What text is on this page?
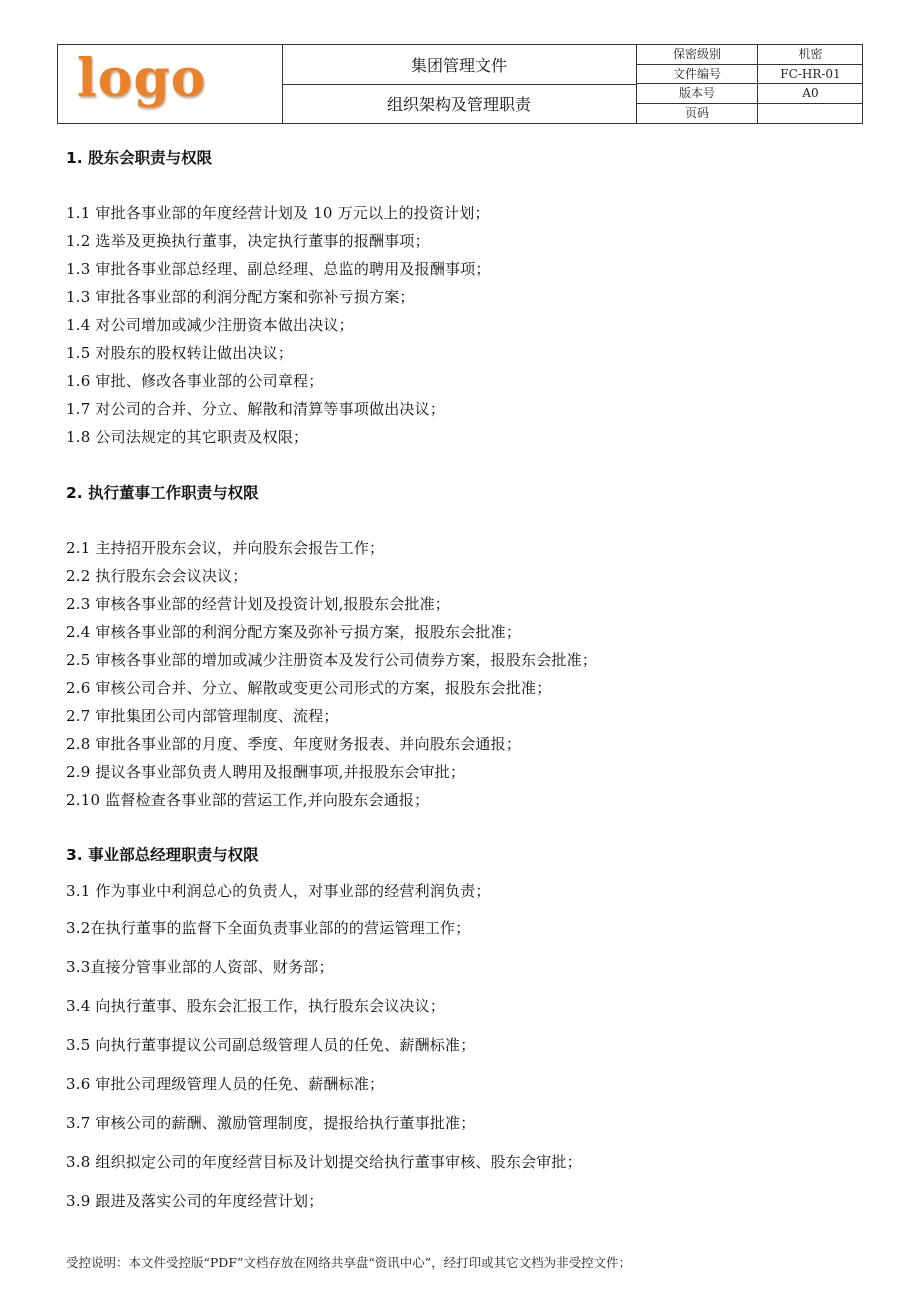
logo	集团管理文件
组织架构及管理职责
保密级别	机密
文件编号	FC-HR-01
版本号	A0
页码
1. 股东会职责与权限
1.1 审批各事业部的年度经营计划及 10 万元以上的投资计划；
1.2 选举及更换执行董事，决定执行董事的报酬事项；
1.3 审批各事业部总经理、副总经理、总监的聘用及报酬事项；
1.3 审批各事业部的利润分配方案和弥补亏损方案；
1.4 对公司增加或减少注册资本做出决议；
1.5 对股东的股权转让做出决议；
1.6 审批、修改各事业部的公司章程；
1.7 对公司的合并、分立、解散和清算等事项做出决议；
1.8 公司法规定的其它职责及权限；
2. 执行董事工作职责与权限
2.1 主持招开股东会议，并向股东会报告工作；
2.2 执行股东会会议决议；
2.3 审核各事业部的经营计划及投资计划,报股东会批准；
2.4 审核各事业部的利润分配方案及弥补亏损方案，报股东会批准；
2.5 审核各事业部的增加或减少注册资本及发行公司债券方案，报股东会批准；
2.6 审核公司合并、分立、解散或变更公司形式的方案，报股东会批准；
2.7 审批集团公司内部管理制度、流程；
2.8 审批各事业部的月度、季度、年度财务报表、并向股东会通报；
2.9 提议各事业部负责人聘用及报酬事项,并报股东会审批；
2.10 监督检查各事业部的营运工作,并向股东会通报；
3. 事业部总经理职责与权限
3.1 作为事业中利润总心的负责人，对事业部的经营利润负责；
3.2在执行董事的监督下全面负责事业部的的营运管理工作；
3.3直接分管事业部的人资部、财务部；
3.4 向执行董事、股东会汇报工作，执行股东会议决议；
3.5 向执行董事提议公司副总级管理人员的任免、薪酬标准；
3.6 审批公司理级管理人员的任免、薪酬标准；
3.7 审核公司的薪酬、激励管理制度，提报给执行董事批准；
3.8 组织拟定公司的年度经营目标及计划提交给执行董事审核、股东会审批；
3.9 跟进及落实公司的年度经营计划；
受控说明：本文件受控版“PDF”文档存放在网络共享盘“资讯中心”，经打印或其它文档为非受控文件；
